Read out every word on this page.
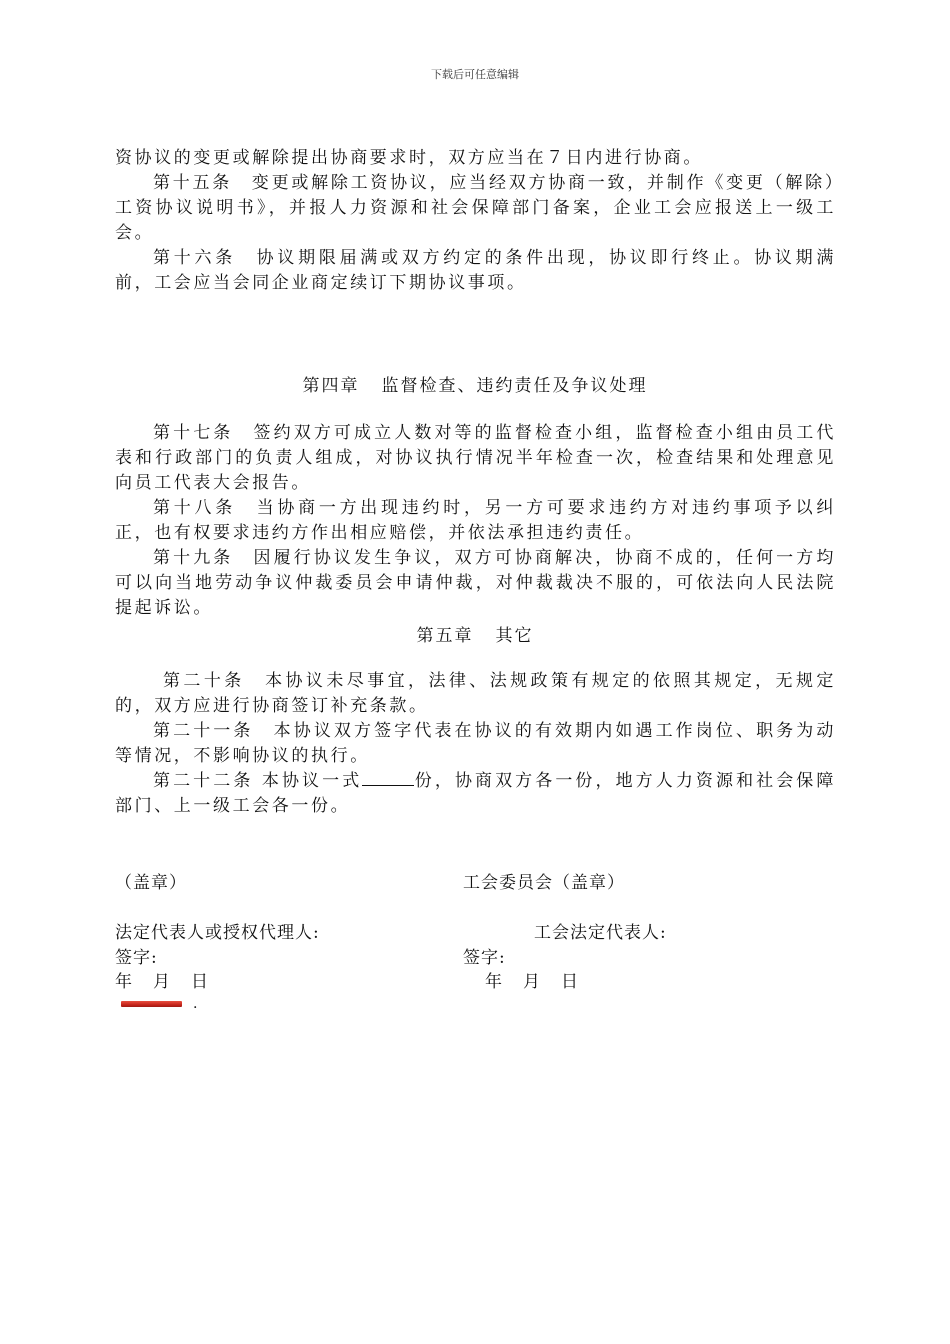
下载后可任意编辑

资协议的变更或解除提出协商要求时，双方应当在７日内进行协商。

第十五条　变更或解除工资协议，应当经双方协商一致，并制作《变更（解除）工资协议说明书》，并报人力资源和社会保障部门备案，企业工会应报送上一级工会。

第十六条　协议期限届满或双方约定的条件出现，协议即行终止。协议期满前，工会应当会同企业商定续订下期协议事项。

第四章 监督检查、违约责任及争议处理

第十七条　签约双方可成立人数对等的监督检查小组，监督检查小组由员工代表和行政部门的负责人组成，对协议执行情况半年检查一次，检查结果和处理意见向员工代表大会报告。

第十八条　当协商一方出现违约时，另一方可要求违约方对违约事项予以纠正，也有权要求违约方作出相应赔偿，并依法承担违约责任。

第十九条　因履行协议发生争议，双方可协商解决，协商不成的，任何一方均可以向当地劳动争议仲裁委员会申请仲裁，对仲裁裁决不服的，可依法向人民法院提起诉讼。

第五章 其它

第二十条　本协议未尽事宜，法律、法规政策有规定的依照其规定，无规定的，双方应进行协商签订补充条款。

第二十一条　本协议双方签字代表在协议的有效期内如遇工作岗位、职务为动等情况，不影响协议的执行。

第二十二条 本协议一式	份，协商双方各一份，地方人力资源和社会保障部门、上一级工会各一份。

（盖章）	工会委员会（盖章）
法定代表人或授权代理人:	工会法定代表人:
签字:	签字:
年 月 日	年 月 日
.
